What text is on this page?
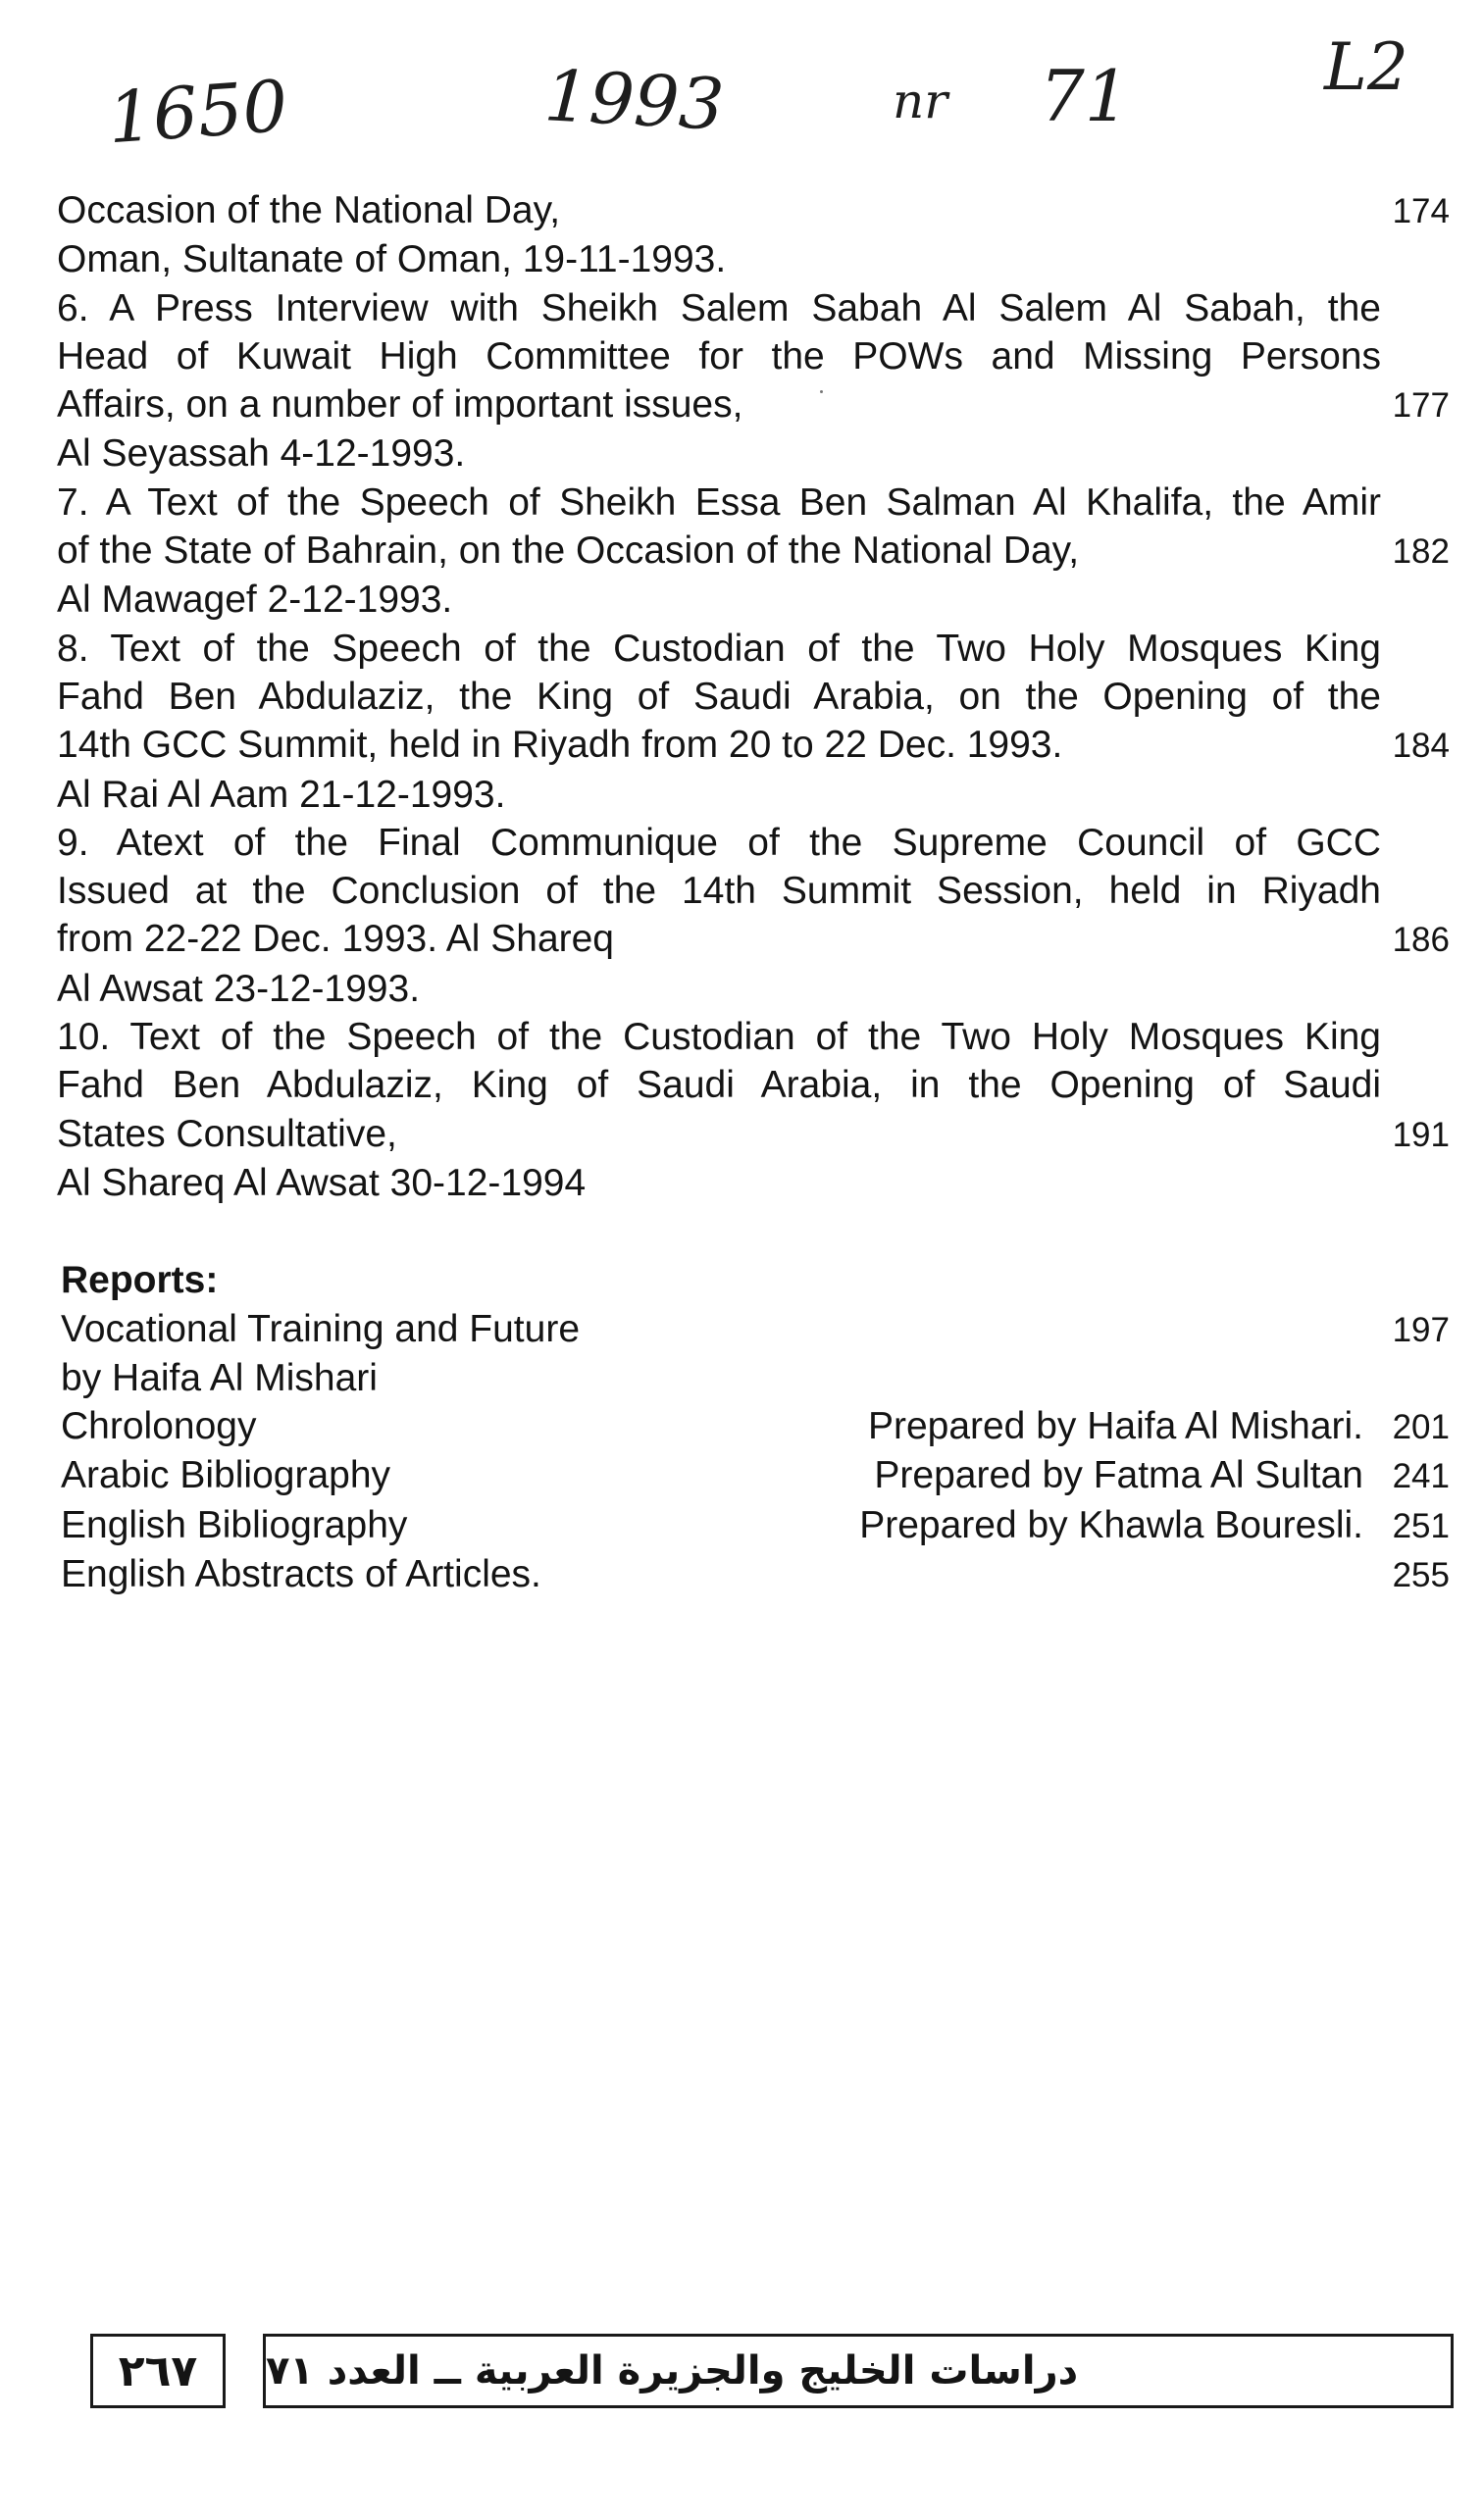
1650	1993	nr 71	L2
Occasion of the National Day,	174
Oman, Sultanate of Oman, 19-11-1993.
6. A Press Interview with Sheikh Salem Sabah Al Salem Al Sabah, the
Head of Kuwait High Committee for the POWs and Missing Persons
Affairs, on a number of important issues,	177
Al Seyassah 4-12-1993.
7. A Text of the Speech of Sheikh Essa Ben Salman Al Khalifa, the Amir
of the State of Bahrain, on the Occasion of the National Day,	182
Al Mawagef 2-12-1993.
8. Text of the Speech of the Custodian of the Two Holy Mosques King
Fahd Ben Abdulaziz, the King of Saudi Arabia, on the Opening of the
14th GCC Summit, held in Riyadh from 20 to 22 Dec. 1993.	184
Al Rai Al Aam 21-12-1993.
9. Atext of the Final Communique of the Supreme Council of GCC
Issued at the Conclusion of the 14th Summit Session, held in Riyadh
from 22-22 Dec. 1993. Al Shareq	186
Al Awsat 23-12-1993.
10. Text of the Speech of the Custodian of the Two Holy Mosques King
Fahd Ben Abdulaziz, King of Saudi Arabia, in the Opening of Saudi
States Consultative,	191
Al Shareq Al Awsat 30-12-1994
Reports:
Vocational Training and Future	197
by Haifa Al Mishari
Chrolonogy	Prepared by Haifa Al Mishari. 201
Arabic Bibliography	Prepared by Fatma Al Sultan 241
English Bibliography	Prepared by Khawla Bouresli. 251
English Abstracts of Articles.	255
٢٦٧	دراسات الخليج والجزيرة العربية ــ العدد ٧١
